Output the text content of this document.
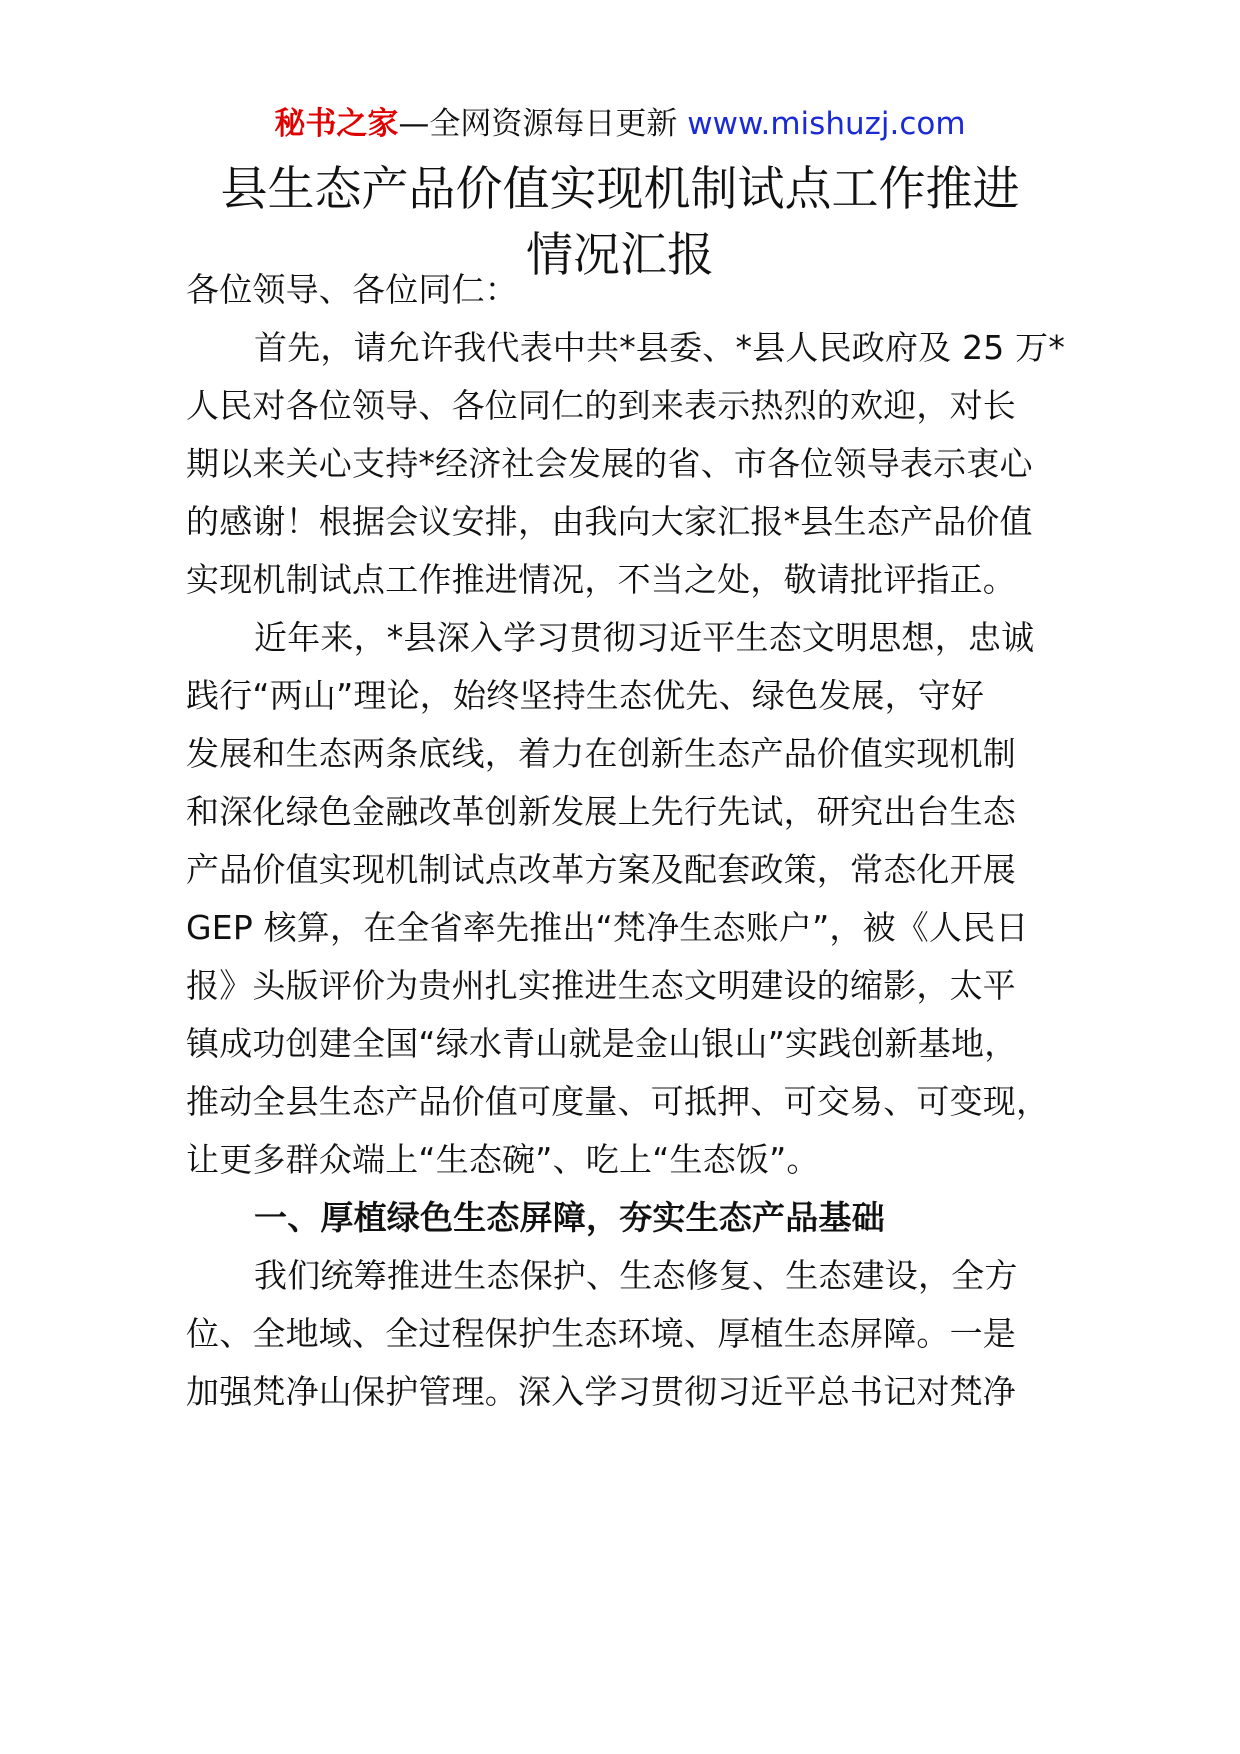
秘书之家—全网资源每日更新 www.mishuzj.com
县生态产品价值实现机制试点工作推进
情况汇报
各位领导、各位同仁：
首先，请允许我代表中共*县委、*县人民政府及 25 万*
人民对各位领导、各位同仁的到来表示热烈的欢迎，对长
期以来关心支持*经济社会发展的省、市各位领导表示衷心
的感谢！根据会议安排，由我向大家汇报*县生态产品价值
实现机制试点工作推进情况，不当之处，敬请批评指正。
近年来，*县深入学习贯彻习近平生态文明思想，忠诚
践行“两山”理论，始终坚持生态优先、绿色发展，守好
发展和生态两条底线，着力在创新生态产品价值实现机制
和深化绿色金融改革创新发展上先行先试，研究出台生态
产品价值实现机制试点改革方案及配套政策，常态化开展
GEP 核算，在全省率先推出“梵净生态账户”，被《人民日
报》头版评价为贵州扎实推进生态文明建设的缩影，太平
镇成功创建全国“绿水青山就是金山银山”实践创新基地，
推动全县生态产品价值可度量、可抵押、可交易、可变现，
让更多群众端上“生态碗”、吃上“生态饭”。
一、厚植绿色生态屏障，夯实生态产品基础
我们统筹推进生态保护、生态修复、生态建设，全方
位、全地域、全过程保护生态环境、厚植生态屏障。一是
加强梵净山保护管理。深入学习贯彻习近平总书记对梵净
